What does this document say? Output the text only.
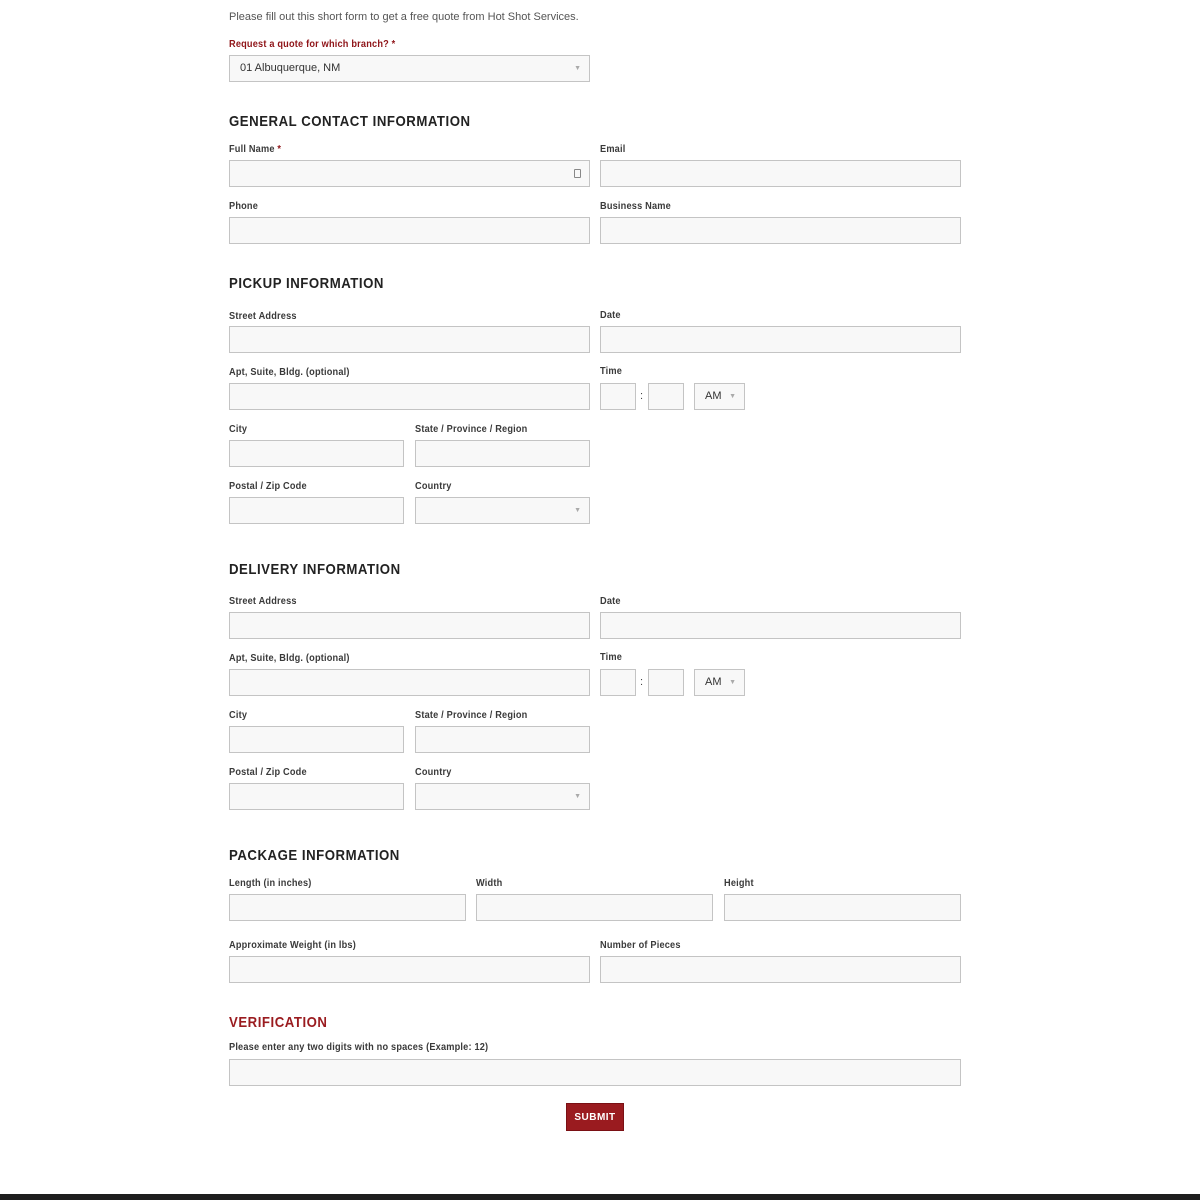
Please fill out this short form to get a free quote from Hot Shot Services.
Request a quote for which branch? *
01 Albuquerque, NM	▼
GENERAL CONTACT INFORMATION
Full Name *	Email
Phone	Business Name
PICKUP INFORMATION
Street Address	Date
Apt, Suite, Bldg. (optional)	Time
:	AM ▼
City	State / Province / Region
Postal / Zip Code	Country
▼
DELIVERY INFORMATION
Street Address	Date
Apt, Suite, Bldg. (optional)	Time
:	AM ▼
City	State / Province / Region
Postal / Zip Code	Country
▼
PACKAGE INFORMATION
Length (in inches)	Width	Height
Approximate Weight (in lbs)	Number of Pieces
VERIFICATION
Please enter any two digits with no spaces (Example: 12)
SUBMIT
